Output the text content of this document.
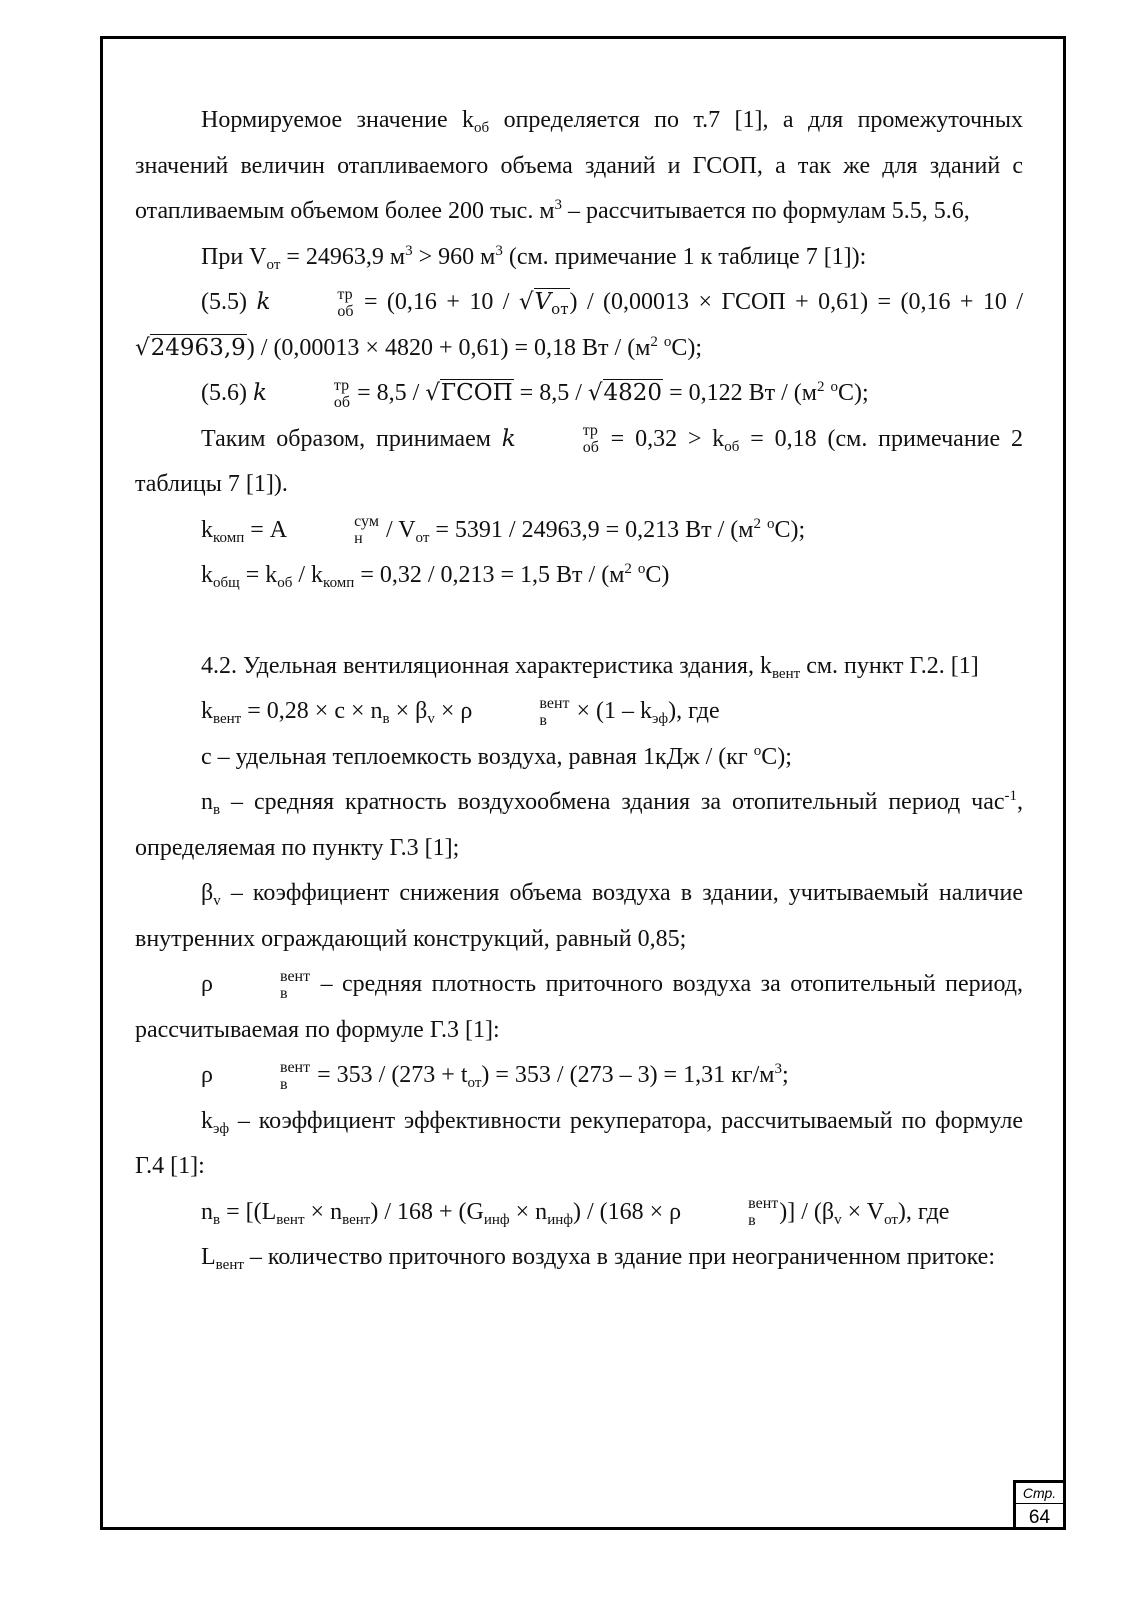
Нормируемое значение $k_{об}$ определяется по т.7 [1], а для промежуточных значений величин отапливаемого объема зданий и ГСОП, а так же для зданий с отапливаемым объемом более 200 тыс. $м^3$ – рассчитывается по формулам 5.5, 5.6,

При $V_{от} = 24963,9$ $м^3 > 960$ $м^3$ (см. примечание 1 к таблице 7 [1]):

(5.5) k	тр
об = $(0,16 + 10 / √V_{от}) / (0,00013$ × ГСОП + 0,61) = (0,16 + 10 / √24963,9) / (0,00013 × 4820 + 0,61) = 0,18 Вт / ($м^2$ $^о$С);

(5.6) k	тр
об = 8,5 / √ГСОП = 8,5 / √4820 = 0,122 Вт / ($м^2$ $^о$С);

Таким образом, принимаем k	тр
об = $0,32 > k_{об} = 0,18$ (см. примечание 2 таблицы 7 [1]).

$k_{комп} = A$	сум
$н / V_{от} = 5391 / 24963,9 = 0,213$ Вт / ($м^2$ $^о$С);

$k_{общ} = k_{об} / k_{комп} = 0,32 / 0,213 = 1,5$ Вт / ($м^2$ $^о$С)

4.2. Удельная вентиляционная характеристика здания, $k_{вент}$ см. пункт Г.2. [1]

$k_{вент} = 0,28 \times с \times n_в \times \beta_v \times \rho$	вент
$в \times (1 - k_{эф})$, где

с – удельная теплоемкость воздуха, равная 1кДж / (кг $^о$С);

$n_в$ – средняя кратность воздухообмена здания за отопительный период час$^{-1}$, определяемая по пункту Г.3 [1];

$\beta_v$ – коэффициент снижения объема воздуха в здании, учитываемый наличие внутренних ограждающий конструкций, равный 0,85;

ρ	вент
в – средняя плотность приточного воздуха за отопительный период, рассчитываемая по формуле Г.3 [1]:

ρ	вент
$в = 353 / (273 + t_{от}) = 353 / (273 - 3) = 1,31$ $кг/м^3$;

$k_{эф}$ – коэффициент эффективности рекуператора, рассчитываемый по формуле Г.4 [1]:

$n_в = [(L_{вент} \times n_{вент}) / 168 + (G_{инф} \times n_{инф}) / (168 \times \rho$	вент
в )] / $(\beta_v \times V_{от})$, где

$L_{вент}$ – количество приточного воздуха в здание при неограниченном притоке:

Стр.
64
